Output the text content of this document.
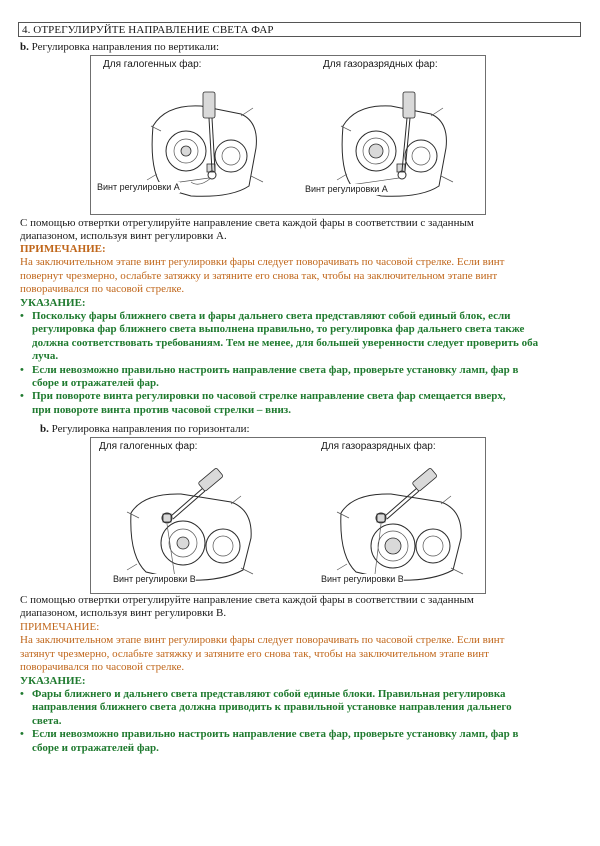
4. ОТРЕГУЛИРУЙТЕ НАПРАВЛЕНИЕ СВЕТА ФАР
b. Регулировка направления по вертикали:
Для галогенных фар:	Для газоразрядных фар:
Винт регулировки А	Винт регулировки А
С помощью отвертки отрегулируйте направление света каждой фары в соответствии с заданным
диапазоном, используя винт регулировки А.
ПРИМЕЧАНИЕ:
На заключительном этапе винт регулировки фары следует поворачивать по часовой стрелке. Если винт
повернут чрезмерно, ослабьте затяжку и затяните его снова так, чтобы на заключительном этапе винт
поворачивался по часовой стрелке.
УКАЗАНИЕ:
• Поскольку фары ближнего света и фары дальнего света представляют собой единый блок, если
регулировка фар ближнего света выполнена правильно, то регулировка фар дальнего света также
должна соответствовать требованиям. Тем не менее, для большей уверенности следует проверить оба
луча.
• Если невозможно правильно настроить направление света фар, проверьте установку ламп, фар в
сборе и отражателей фар.
• При повороте винта регулировки по часовой стрелке направление света фар смещается вверх,
при повороте винта против часовой стрелки – вниз.
b. Регулировка направления по горизонтали:
Для галогенных фар:	Для газоразрядных фар:
Винт регулировки В	Винт регулировки В
С помощью отвертки отрегулируйте направление света каждой фары в соответствии с заданным
диапазоном, используя винт регулировки В.
ПРИМЕЧАНИЕ:
На заключительном этапе винт регулировки фары следует поворачивать по часовой стрелке. Если винт
затянут чрезмерно, ослабьте затяжку и затяните его снова так, чтобы на заключительном этапе винт
поворачивался по часовой стрелке.
УКАЗАНИЕ:
• Фары ближнего и дальнего света представляют собой единые блоки. Правильная регулировка
направления ближнего света должна приводить к правильной установке направления дальнего
света.
• Если невозможно правильно настроить направление света фар, проверьте установку ламп, фар в
сборе и отражателей фар.
